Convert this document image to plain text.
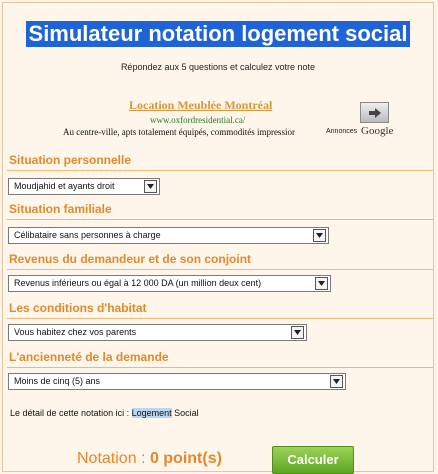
Simulateur notation logement social
Répondez aux 5 questions et calculez votre note
Location Meublée Montréal
www.oxfordresidential.ca/
Au centre-ville, apts totalement équipés, commodités impressior	Annonces Google
Situation personnelle
Moudjahid et ayants droit
Situation familiale
Célibataire sans personnes à charge
Revenus du demandeur et de son conjoint
Revenus inférieurs ou égal à 12 000 DA (un million deux cent)
Les conditions d'habitat
Vous habitez chez vos parents
L'ancienneté de la demande
Moins de cinq (5) ans
Le détail de cette notation ici : Logement Social
Notation : 0 point(s)	Calculer
